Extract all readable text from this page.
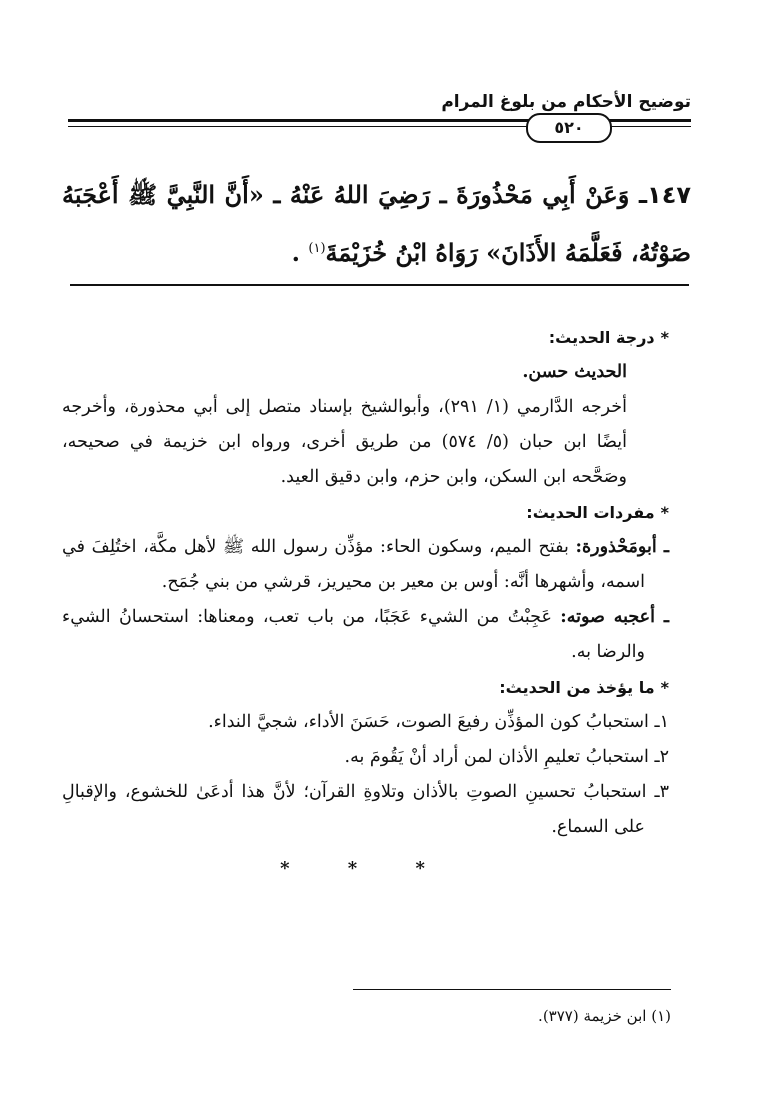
توضيح الأحكام من بلوغ المرام
٥٢٠
١٤٧ـ وَعَنْ أَبِي مَحْذُورَةَ ـ رَضِيَ اللهُ عَنْهُ ـ «أَنَّ النَّبِيَّ ﷺ أَعْجَبَهُ صَوْتُهُ، فَعَلَّمَهُ الأَذَانَ» رَوَاهُ ابْنُ خُزَيْمَةَ$^{(١)}$ .
*درجة الحديث:

الحديث حسن.

أخرجه الدَّارمي (١/ ٢٩١)، وأبوالشيخ بإسناد متصل إلى أبي محذورة، وأخرجه أيضًا ابن حبان (٥/ ٥٧٤) من طريق أخرى، ورواه ابن خزيمة في صحيحه، وصَحَّحه ابن السكن، وابن حزم، وابن دقيق العيد.

*مفردات الحديث:

ـ أبومَحْذورة: بفتح الميم، وسكون الحاء: مؤذِّن رسول الله ﷺ لأهل مكَّة، اختُلِفَ في اسمه، وأشهرها أنَّه: أوس بن معير بن محيريز، قرشي من بني جُمَح.

ـ أعجبه صوته: عَجِبْتُ من الشيء عَجَبًا، من باب تعب، ومعناها: استحسانُ الشيء والرضا به.

*ما يؤخذ من الحديث:

١ـ استحبابُ كون المؤذِّن رفيعَ الصوت، حَسَنَ الأداء، شجيَّ النداء.

٢ـ استحبابُ تعليمِ الأذان لمن أراد أنْ يَقُومَ به.

٣ـ استحبابُ تحسينِ الصوتِ بالأذان وتلاوةِ القرآن؛ لأنَّ هذا أدعَىٰ للخشوع، والإقبالِ على السماع.

* * *
(١) ابن خزيمة (٣٧٧).
